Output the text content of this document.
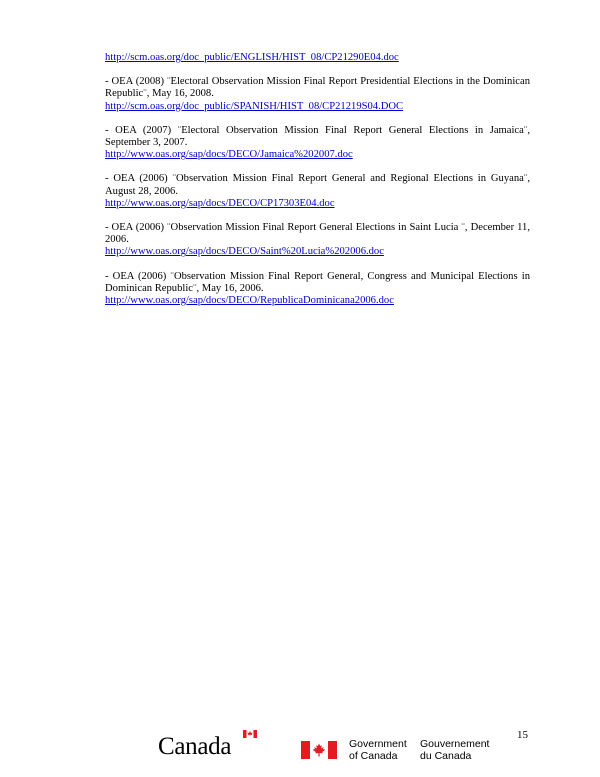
http://scm.oas.org/doc_public/ENGLISH/HIST_08/CP21290E04.doc
- OEA (2008) ¨Electoral Observation Mission Final Report Presidential Elections in the Dominican Republic¨, May 16, 2008.
http://scm.oas.org/doc_public/SPANISH/HIST_08/CP21219S04.DOC
- OEA (2007) ¨Electoral Observation Mission Final Report General Elections in Jamaica¨, September 3, 2007.
http://www.oas.org/sap/docs/DECO/Jamaica%202007.doc
- OEA (2006) ¨Observation Mission Final Report General and Regional Elections in Guyana¨, August 28, 2006.
http://www.oas.org/sap/docs/DECO/CP17303E04.doc
- OEA (2006) ¨Observation Mission Final Report General Elections in Saint Lucia ¨, December 11, 2006.
http://www.oas.org/sap/docs/DECO/Saint%20Lucia%202006.doc
- OEA (2006) ¨Observation Mission Final Report General, Congress and Municipal Elections in Dominican Republic¨, May 16, 2006.
http://www.oas.org/sap/docs/DECO/RepublicaDominicana2006.doc
15
Canada	Government
of Canada
Gouvernement
du Canada
